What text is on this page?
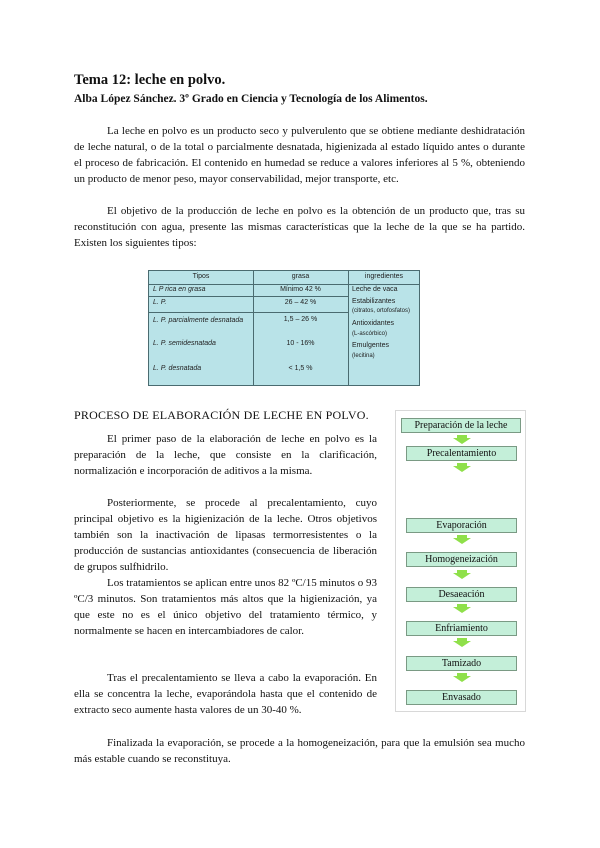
Tema 12: leche en polvo.
Alba López Sánchez. 3º Grado en Ciencia y Tecnología de los Alimentos.

La leche en polvo es un producto seco y pulverulento que se obtiene mediante deshidratación de leche natural, o de la total o parcialmente desnatada, higienizada al estado líquido antes o durante el proceso de fabricación. El contenido en humedad se reduce a valores inferiores al 5 %, obteniendo un producto de menor peso, mayor conservabilidad, mejor transporte, etc.

El objetivo de la producción de leche en polvo es la obtención de un producto que, tras su reconstitución con agua, presente las mismas características que la leche de la que se ha partido. Existen los siguientes tipos:

Tipos	grasa	ingredientes
L P rica en grasa	Mínimo 42 %
L. P.	26 – 42 %
L. P. parcialmente desnatada	1,5 – 26 %
L. P. semidesnatada	10 - 16%
L. P. desnatada	< 1,5 %
Leche de vaca
Estabilizantes
(citratos, ortofosfatos)
Antioxidantes
(L-ascórbico)
Emulgentes
(lecitina)
PROCESO DE ELABORACIÓN DE LECHE EN POLVO.

El primer paso de la elaboración de leche en polvo es la preparación de la leche, que consiste en la clarificación, normalización e incorporación de aditivos a la misma.

Posteriormente, se procede al precalentamiento, cuyo principal objetivo es la higienización de la leche. Otros objetivos también son la inactivación de lipasas termorresistentes o la producción de sustancias antioxidantes (consecuencia de liberación de grupos sulfhidrilo.

Los tratamientos se aplican entre unos 82 ºC/15 minutos o 93 ºC/3 minutos. Son tratamientos más altos que la higienización, ya que este no es el único objetivo del tratamiento térmico, y normalmente se hacen en intercambiadores de calor.

Tras el precalentamiento se lleva a cabo la evaporación. En ella se concentra la leche, evaporándola hasta que el contenido de extracto seco aumente hasta valores de un 30-40 %.

Finalizada la evaporación, se procede a la homogeneización, para que la emulsión sea mucho más estable cuando se reconstituya.

Preparación de la leche
Precalentamiento
Evaporación
Homogeneización
Desaeación
Enfriamiento
Tamizado
Envasado
